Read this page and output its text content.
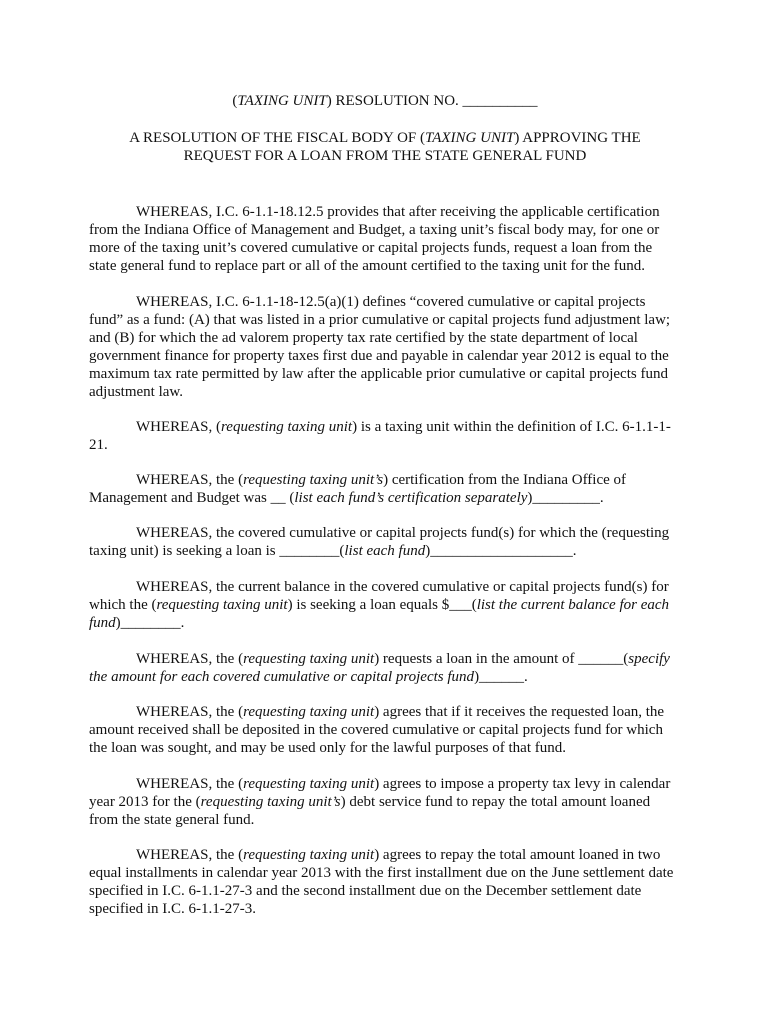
(TAXING UNIT) RESOLUTION NO. __________
A RESOLUTION OF THE FISCAL BODY OF (TAXING UNIT) APPROVING THE
REQUEST FOR A LOAN FROM THE STATE GENERAL FUND
WHEREAS, I.C. 6-1.1-18.12.5 provides that after receiving the applicable certification
from the Indiana Office of Management and Budget, a taxing unit’s fiscal body may, for one or
more of the taxing unit’s covered cumulative or capital projects funds, request a loan from the
state general fund to replace part or all of the amount certified to the taxing unit for the fund.
WHEREAS, I.C. 6-1.1-18-12.5(a)(1) defines “covered cumulative or capital projects
fund” as a fund: (A) that was listed in a prior cumulative or capital projects fund adjustment law;
and (B) for which the ad valorem property tax rate certified by the state department of local
government finance for property taxes first due and payable in calendar year 2012 is equal to the
maximum tax rate permitted by law after the applicable prior cumulative or capital projects fund
adjustment law.
WHEREAS, (requesting taxing unit) is a taxing unit within the definition of I.C. 6-1.1-1-
21.
WHEREAS, the (requesting taxing unit’s) certification from the Indiana Office of
Management and Budget was __ (list each fund’s certification separately)_________.
WHEREAS, the covered cumulative or capital projects fund(s) for which the (requesting
taxing unit) is seeking a loan is ________(list each fund)___________________.
WHEREAS, the current balance in the covered cumulative or capital projects fund(s) for
which the (requesting taxing unit) is seeking a loan equals $___(list the current balance for each
fund)________.
WHEREAS, the (requesting taxing unit) requests a loan in the amount of ______(specify
the amount for each covered cumulative or capital projects fund)______.
WHEREAS, the (requesting taxing unit) agrees that if it receives the requested loan, the
amount received shall be deposited in the covered cumulative or capital projects fund for which
the loan was sought, and may be used only for the lawful purposes of that fund.
WHEREAS, the (requesting taxing unit) agrees to impose a property tax levy in calendar
year 2013 for the (requesting taxing unit’s) debt service fund to repay the total amount loaned
from the state general fund.
WHEREAS, the (requesting taxing unit) agrees to repay the total amount loaned in two
equal installments in calendar year 2013 with the first installment due on the June settlement date
specified in I.C. 6-1.1-27-3 and the second installment due on the December settlement date
specified in I.C. 6-1.1-27-3.
